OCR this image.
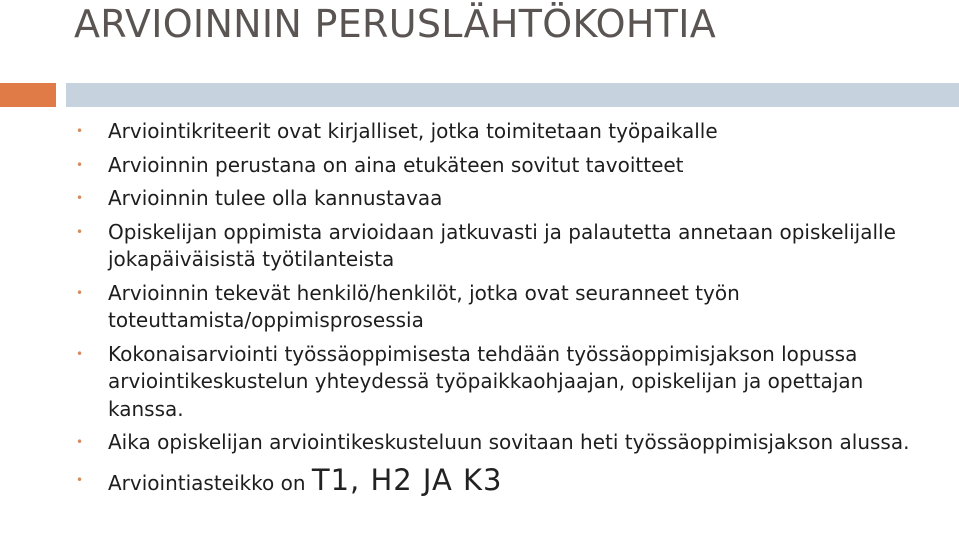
ARVIOINNIN PERUSLÄHTÖKOHTIA
• Arviointikriteerit ovat kirjalliset, jotka toimitetaan työpaikalle
• Arvioinnin perustana on aina etukäteen sovitut tavoitteet
• Arvioinnin tulee olla kannustavaa
• Opiskelijan oppimista arvioidaan jatkuvasti ja palautetta annetaan opiskelijalle jokapäiväisistä työtilanteista
• Arvioinnin tekevät henkilö/henkilöt, jotka ovat seuranneet työn toteuttamista/oppimisprosessia
• Kokonaisarviointi työssäoppimisesta tehdään työssäoppimisjakson lopussa arviointikeskustelun yhteydessä työpaikkaohjaajan, opiskelijan ja opettajan kanssa.
• Aika opiskelijan arviointikeskusteluun sovitaan heti työssäoppimisjakson alussa.
• Arviointiasteikko on T1, H2 JA K3
